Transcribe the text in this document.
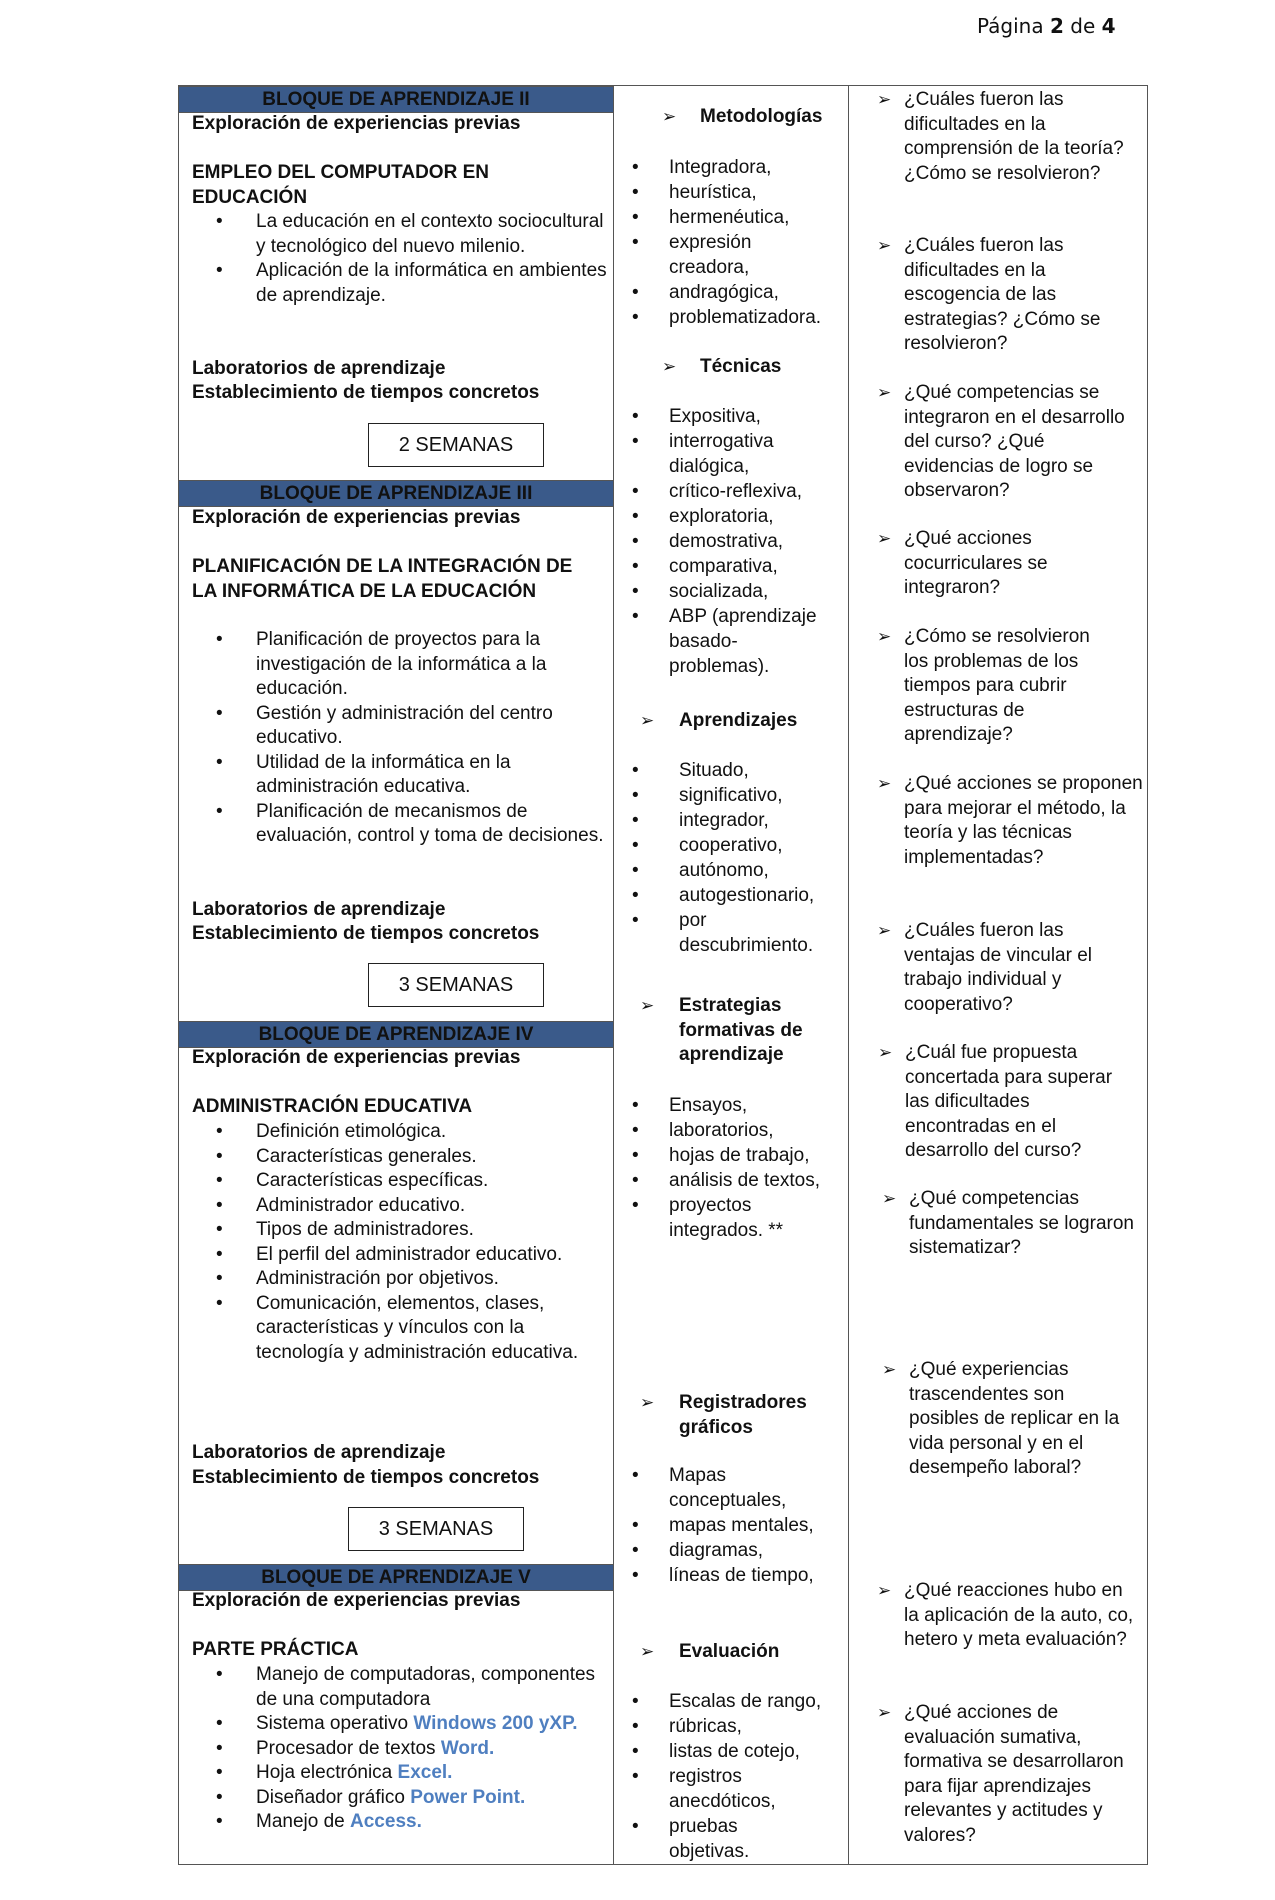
Página 2 de 4
BLOQUE DE APRENDIZAJE II
Exploración de experiencias previas
EMPLEO DEL COMPUTADOR EN EDUCACIÓN
• La educación en el contexto sociocultural y tecnológico del nuevo milenio.
• Aplicación de la informática en ambientes de aprendizaje.
Laboratorios de aprendizaje
Establecimiento de tiempos concretos
2 SEMANAS
BLOQUE DE APRENDIZAJE III
Exploración de experiencias previas
PLANIFICACIÓN DE LA INTEGRACIÓN DE LA INFORMÁTICA DE LA EDUCACIÓN
• Planificación de proyectos para la investigación de la informática a la educación.
• Gestión y administración del centro educativo.
• Utilidad de la informática en la administración educativa.
• Planificación de mecanismos de evaluación, control y toma de decisiones.
Laboratorios de aprendizaje
Establecimiento de tiempos concretos
3 SEMANAS
BLOQUE DE APRENDIZAJE IV
Exploración de experiencias previas
ADMINISTRACIÓN EDUCATIVA
• Definición etimológica.
• Características generales.
• Características específicas.
• Administrador educativo.
• Tipos de administradores.
• El perfil del administrador educativo.
• Administración por objetivos.
• Comunicación, elementos, clases, características y vínculos con la tecnología y administración educativa.
Laboratorios de aprendizaje
Establecimiento de tiempos concretos
3 SEMANAS
BLOQUE DE APRENDIZAJE V
Exploración de experiencias previas
PARTE PRÁCTICA
• Manejo de computadoras, componentes de una computadora
• Sistema operativo Windows 200 yXP.
• Procesador de textos Word.
• Hoja electrónica Excel.
• Diseñador gráfico Power Point.
• Manejo de Access.
➢ Metodologías
• Integradora,
• heurística,
• hermenéutica,
• expresión creadora,
• andragógica,
• problematizadora.
➢ Técnicas
• Expositiva,
• interrogativa dialógica,
• crítico-reflexiva,
• exploratoria,
• demostrativa,
• comparativa,
• socializada,
• ABP (aprendizaje basado-problemas).
➢ Aprendizajes
• Situado,
• significativo,
• integrador,
• cooperativo,
• autónomo,
• autogestionario,
• por descubrimiento.
➢ Estrategias formativas de aprendizaje
• Ensayos,
• laboratorios,
• hojas de trabajo,
• análisis de textos,
• proyectos integrados. **
➢ Registradores gráficos
• Mapas conceptuales,
• mapas mentales,
• diagramas,
• líneas de tiempo,
➢ Evaluación
• Escalas de rango,
• rúbricas,
• listas de cotejo,
• registros anecdóticos,
• pruebas objetivas.
➢ ¿Cuáles fueron las dificultades en la comprensión de la teoría? ¿Cómo se resolvieron?
➢ ¿Cuáles fueron las dificultades en la escogencia de las estrategias? ¿Cómo se resolvieron?
➢ ¿Qué competencias se integraron en el desarrollo del curso? ¿Qué evidencias de logro se observaron?
➢ ¿Qué acciones cocurriculares se integraron?
➢ ¿Cómo se resolvieron los problemas de los tiempos para cubrir estructuras de aprendizaje?
➢ ¿Qué acciones se proponen para mejorar el método, la teoría y las técnicas implementadas?
➢ ¿Cuáles fueron las ventajas de vincular el trabajo individual y cooperativo?
➢ ¿Cuál fue propuesta concertada para superar las dificultades encontradas en el desarrollo del curso?
➢ ¿Qué competencias fundamentales se lograron sistematizar?
➢ ¿Qué experiencias trascendentes son posibles de replicar en la vida personal y en el desempeño laboral?
➢ ¿Qué reacciones hubo en la aplicación de la auto, co, hetero y meta evaluación?
➢ ¿Qué acciones de evaluación sumativa, formativa se desarrollaron para fijar aprendizajes relevantes y actitudes y valores?
